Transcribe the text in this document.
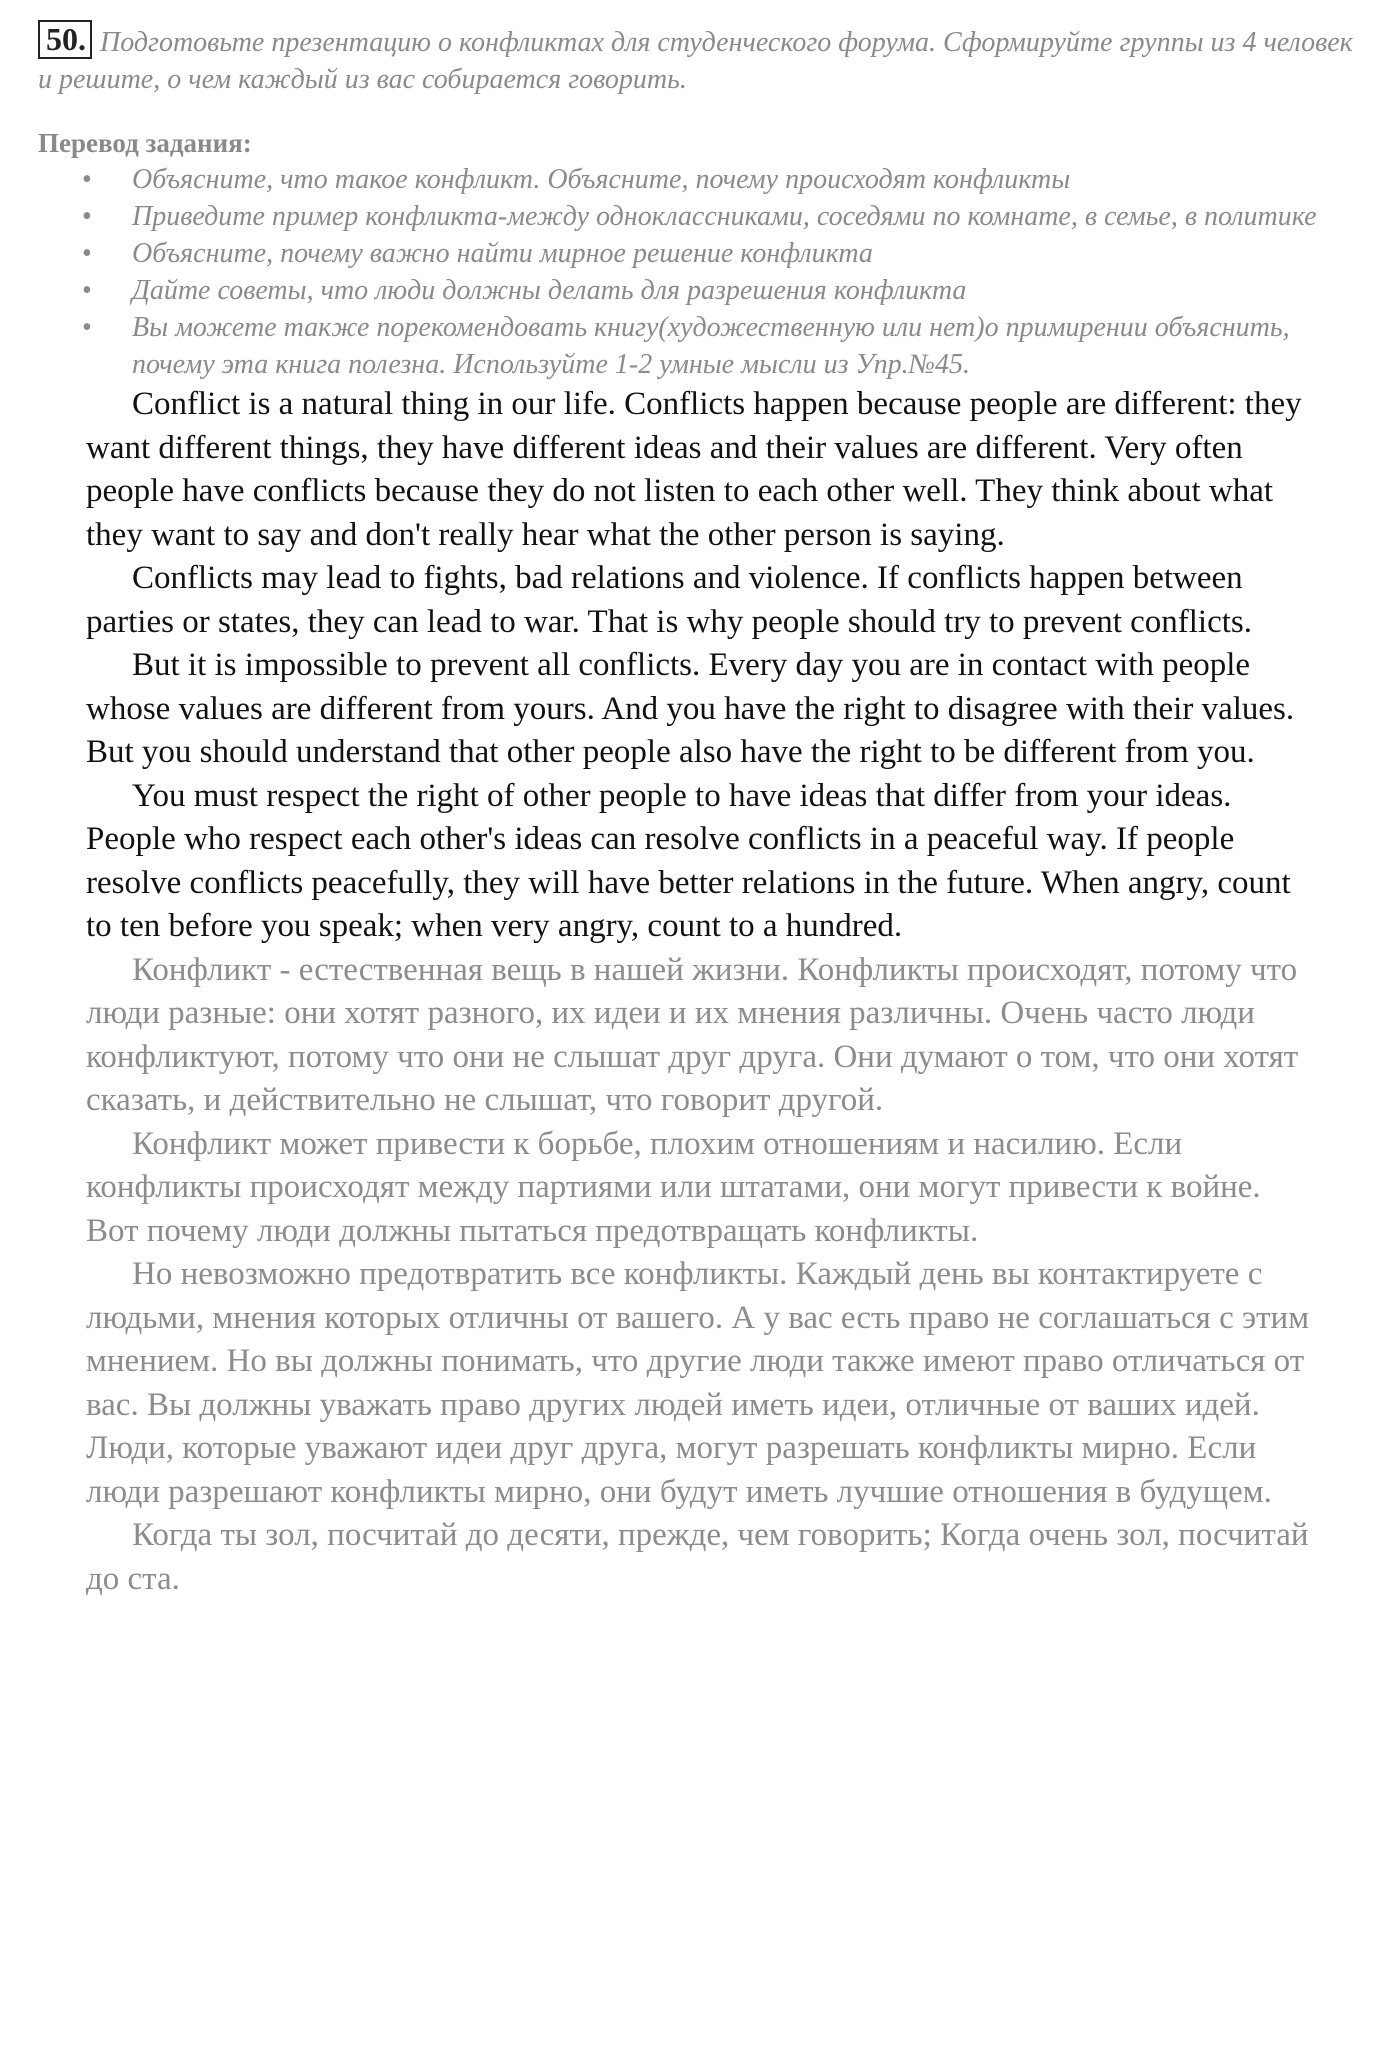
50. Подготовьте презентацию о конфликтах для студенческого форума. Сформируйте группы из 4 человек и решите, о чем каждый из вас собирается говорить.
Перевод задания:
• Объясните, что такое конфликт. Объясните, почему происходят конфликты
• Приведите пример конфликта-между одноклассниками, соседями по комнате, в семье, в политике
• Объясните, почему важно найти мирное решение конфликта
• Дайте советы, что люди должны делать для разрешения конфликта
• Вы можете также порекомендовать книгу(художественную или нет)о примирении объяснить, почему эта книга полезна. Используйте 1-2 умные мысли из Упр.№45.

Conflict is a natural thing in our life. Conflicts happen because people are different: they want different things, they have different ideas and their values are different. Very often people have conflicts because they do not listen to each other well. They think about what they want to say and don't really hear what the other person is saying.

Conflicts may lead to fights, bad relations and violence. If conflicts happen between parties or states, they can lead to war. That is why people should try to prevent conflicts.

But it is impossible to prevent all conflicts. Every day you are in contact with people whose values are different from yours. And you have the right to disagree with their values. But you should understand that other people also have the right to be different from you.

You must respect the right of other people to have ideas that differ from your ideas. People who respect each other's ideas can resolve conflicts in a peaceful way. If people resolve conflicts peacefully, they will have better relations in the future. When angry, count to ten before you speak; when very angry, count to a hundred.

Конфликт - естественная вещь в нашей жизни. Конфликты происходят, потому что люди разные: они хотят разного, их идеи и их мнения различны. Очень часто люди конфликтуют, потому что они не слышат друг друга. Они думают о том, что они хотят сказать, и действительно не слышат, что говорит другой.

Конфликт может привести к борьбе, плохим отношениям и насилию. Если конфликты происходят между партиями или штатами, они могут привести к войне. Вот почему люди должны пытаться предотвращать конфликты.

Но невозможно предотвратить все конфликты. Каждый день вы контактируете с людьми, мнения которых отличны от вашего. А у вас есть право не соглашаться с этим мнением. Но вы должны понимать, что другие люди также имеют право отличаться от вас. Вы должны уважать право других людей иметь идеи, отличные от ваших идей. Люди, которые уважают идеи друг друга, могут разрешать конфликты мирно. Если люди разрешают конфликты мирно, они будут иметь лучшие отношения в будущем.

Когда ты зол, посчитай до десяти, прежде, чем говорить; Когда очень зол, посчитай до ста.
